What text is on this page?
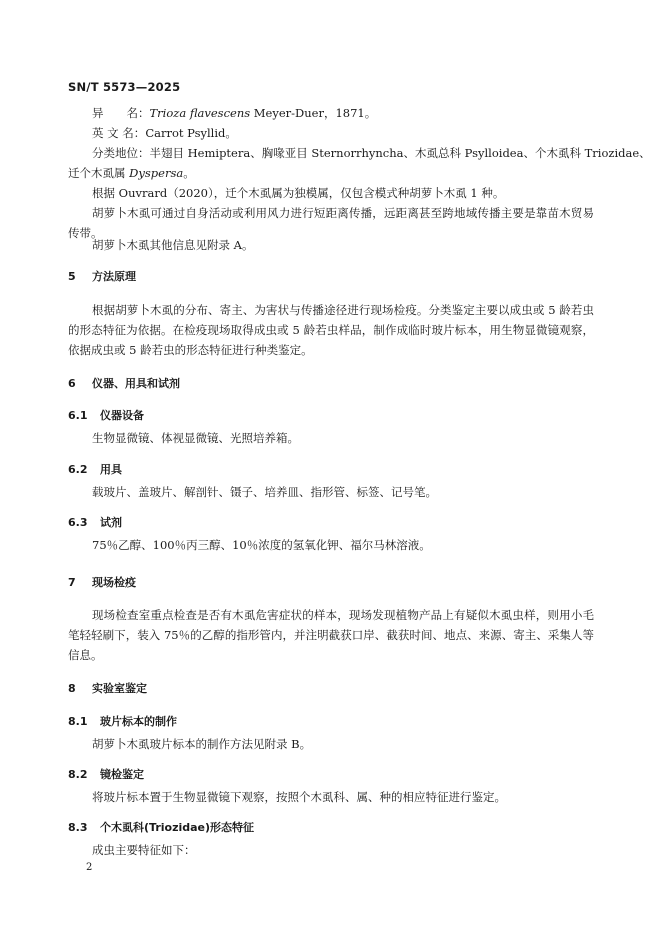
SN/T 5573—2025
异　　名：Trioza flavescens Meyer-Duer，1871。
英 文 名：Carrot Psyllid。
分类地位：半翅目 Hemiptera、胸喙亚目 Sternorrhyncha、木虱总科 Psylloidea、个木虱科 Triozidae、
迁个木虱属 Dyspersa。
根据 Ouvrard（2020），迁个木虱属为独模属，仅包含模式种胡萝卜木虱 1 种。
胡萝卜木虱可通过自身活动或利用风力进行短距离传播，远距离甚至跨地域传播主要是靠苗木贸易传带。
胡萝卜木虱其他信息见附录 A。
5 方法原理
根据胡萝卜木虱的分布、寄主、为害状与传播途径进行现场检疫。分类鉴定主要以成虫或 5 龄若虫的形态特征为依据。在检疫现场取得成虫或 5 龄若虫样品，制作成临时玻片标本，用生物显微镜观察，依据成虫或 5 龄若虫的形态特征进行种类鉴定。
6 仪器、用具和试剂
6.1 仪器设备
生物显微镜、体视显微镜、光照培养箱。
6.2 用具
载玻片、盖玻片、解剖针、镊子、培养皿、指形管、标签、记号笔。
6.3 试剂
75％乙醇、100％丙三醇、10％浓度的氢氧化钾、福尔马林溶液。
7 现场检疫
现场检查室重点检查是否有木虱危害症状的样本，现场发现植物产品上有疑似木虱虫样，则用小毛笔轻轻刷下，装入 75％的乙醇的指形管内，并注明截获口岸、截获时间、地点、来源、寄主、采集人等信息。
8 实验室鉴定
8.1 玻片标本的制作
胡萝卜木虱玻片标本的制作方法见附录 B。
8.2 镜检鉴定
将玻片标本置于生物显微镜下观察，按照个木虱科、属、种的相应特征进行鉴定。
8.3 个木虱科(Triozidae)形态特征
成虫主要特征如下：
2
